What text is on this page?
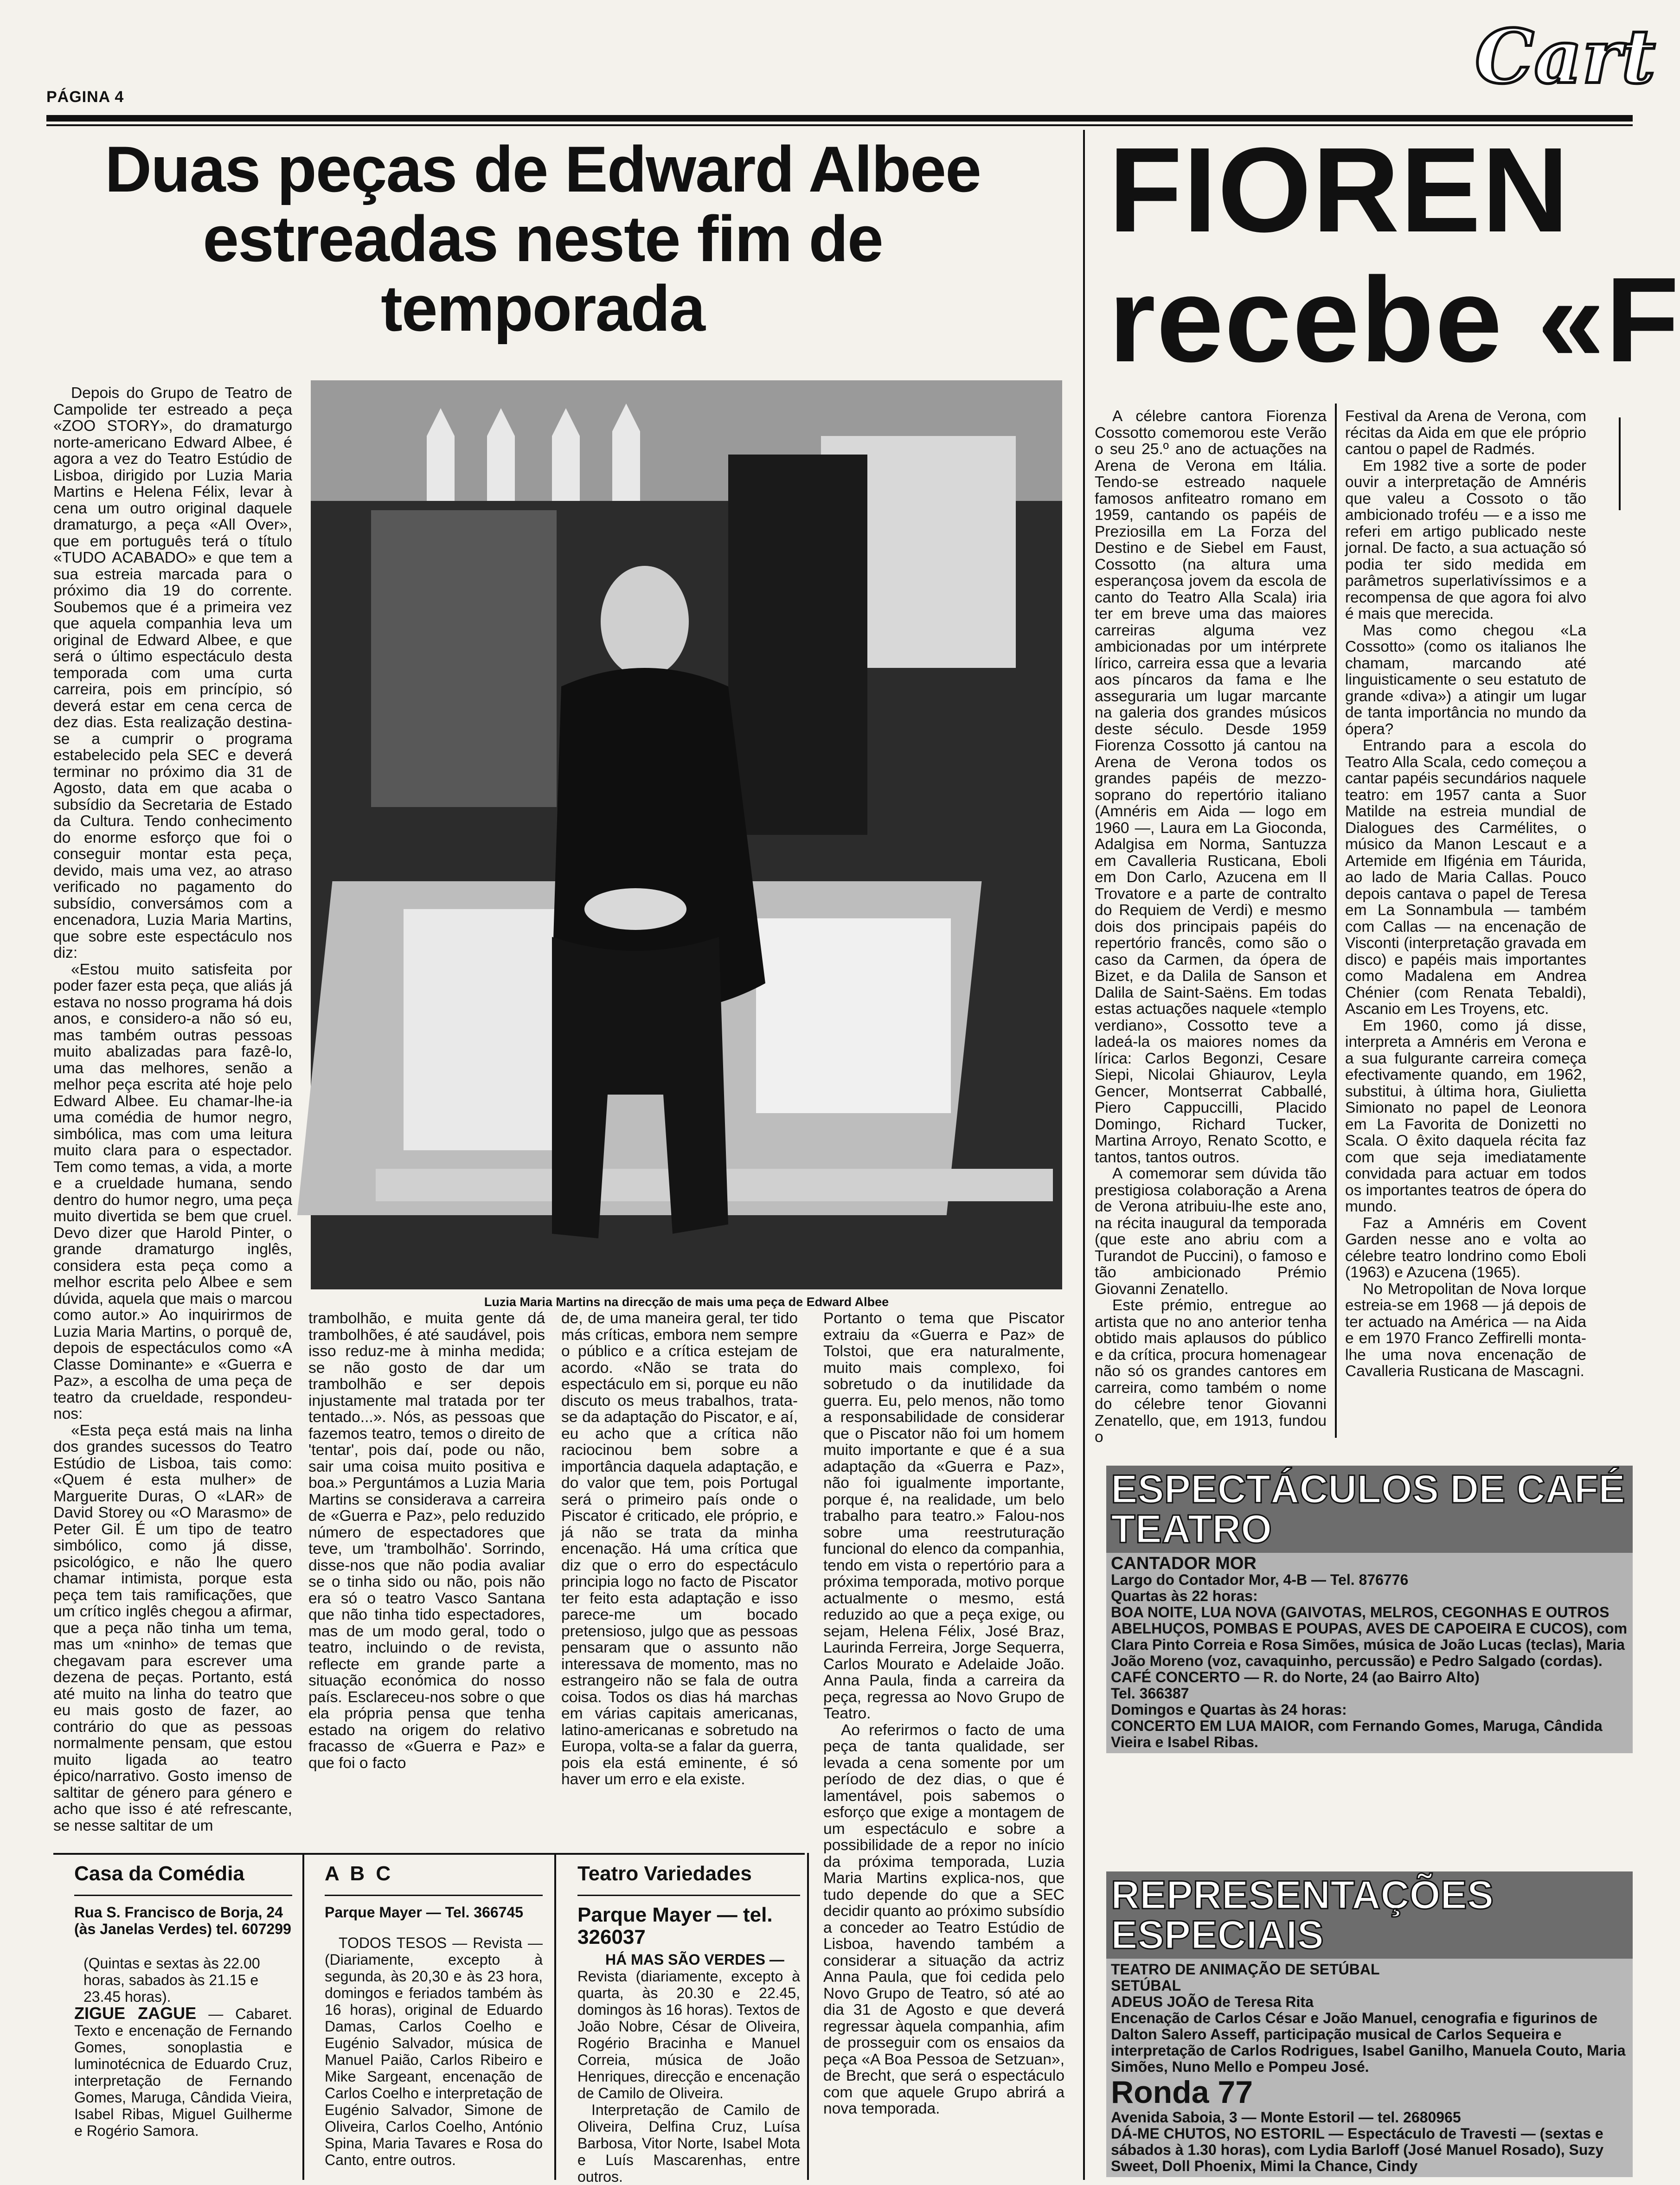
PÁGINA 4	Cart
Duas peças de Edward Albee estreadas neste fim de temporada

Depois do Grupo de Teatro de Campolide ter estreado a peça «ZOO STORY», do dramaturgo norte-americano Edward Albee, é agora a vez do Teatro Estúdio de Lisboa, dirigido por Luzia Maria Martins e Helena Félix, levar à cena um outro original daquele dramaturgo, a peça «All Over», que em português terá o título «TUDO ACABADO» e que tem a sua estreia marcada para o próximo dia 19 do corrente. Soubemos que é a primeira vez que aquela companhia leva um original de Edward Albee, e que será o último espectáculo desta temporada com uma curta carreira, pois em princípio, só deverá estar em cena cerca de dez dias. Esta realização destina-se a cumprir o programa estabelecido pela SEC e deverá terminar no próximo dia 31 de Agosto, data em que acaba o subsídio da Secretaria de Estado da Cultura. Tendo conhecimento do enorme esforço que foi o conseguir montar esta peça, devido, mais uma vez, ao atraso verificado no pagamento do subsídio, conversámos com a encenadora, Luzia Maria Martins, que sobre este espectáculo nos diz:

«Estou muito satisfeita por poder fazer esta peça, que aliás já estava no nosso programa há dois anos, e considero-a não só eu, mas também outras pessoas muito abalizadas para fazê-lo, uma das melhores, senão a melhor peça escrita até hoje pelo Edward Albee. Eu chamar-lhe-ia uma comédia de humor negro, simbólica, mas com uma leitura muito clara para o espectador. Tem como temas, a vida, a morte e a crueldade humana, sendo dentro do humor negro, uma peça muito divertida se bem que cruel. Devo dizer que Harold Pinter, o grande dramaturgo inglês, considera esta peça como a melhor escrita pelo Albee e sem dúvida, aquela que mais o marcou como autor.» Ao inquirirmos de Luzia Maria Martins, o porquê de, depois de espectáculos como «A Classe Dominante» e «Guerra e Paz», a escolha de uma peça de teatro da crueldade, respondeu-nos:

«Esta peça está mais na linha dos grandes sucessos do Teatro Estúdio de Lisboa, tais como: «Quem é esta mulher» de Marguerite Duras, O «LAR» de David Storey ou «O Marasmo» de Peter Gil. É um tipo de teatro simbólico, como já disse, psicológico, e não lhe quero chamar intimista, porque esta peça tem tais ramificações, que um crítico inglês chegou a afirmar, que a peça não tinha um tema, mas um «ninho» de temas que chegavam para escrever uma dezena de peças. Portanto, está até muito na linha do teatro que eu mais gosto de fazer, ao contrário do que as pessoas normalmente pensam, que estou muito ligada ao teatro épico/narrativo. Gosto imenso de saltitar de género para género e acho que isso é até refrescante, se nesse saltitar de um

Luzia Maria Martins na direcção de mais uma peça de Edward Albee

trambolhão, e muita gente dá trambolhões, é até saudável, pois isso reduz-me à minha medida; se não gosto de dar um trambolhão e ser depois injustamente mal tratada por ter tentado...». Nós, as pessoas que fazemos teatro, temos o direito de 'tentar', pois daí, pode ou não, sair uma coisa muito positiva e boa.» Perguntámos a Luzia Maria Martins se considerava a carreira de «Guerra e Paz», pelo reduzido número de espectadores que teve, um 'trambolhão'. Sorrindo, disse-nos que não podia avaliar se o tinha sido ou não, pois não era só o teatro Vasco Santana que não tinha tido espectadores, mas de um modo geral, todo o teatro, incluindo o de revista, reflecte em grande parte a situação económica do nosso país. Esclareceu-nos sobre o que ela própria pensa que tenha estado na origem do relativo fracasso de «Guerra e Paz» e que foi o facto

de, de uma maneira geral, ter tido más críticas, embora nem sempre o público e a crítica estejam de acordo. «Não se trata do espectáculo em si, porque eu não discuto os meus trabalhos, trata-se da adaptação do Piscator, e aí, eu acho que a crítica não raciocinou bem sobre a importância daquela adaptação, e do valor que tem, pois Portugal será o primeiro país onde o Piscator é criticado, ele próprio, e já não se trata da minha encenação. Há uma crítica que diz que o erro do espectáculo principia logo no facto de Piscator ter feito esta adaptação e isso parece-me um bocado pretensioso, julgo que as pessoas pensaram que o assunto não interessava de momento, mas no estrangeiro não se fala de outra coisa. Todos os dias há marchas em várias capitais americanas, latino-americanas e sobretudo na Europa, volta-se a falar da guerra, pois ela está eminente, é só haver um erro e ela existe.

Portanto o tema que Piscator extraiu da «Guerra e Paz» de Tolstoi, que era naturalmente, muito mais complexo, foi sobretudo o da inutilidade da guerra. Eu, pelo menos, não tomo a responsabilidade de considerar que o Piscator não foi um homem muito importante e que é a sua adaptação da «Guerra e Paz», não foi igualmente importante, porque é, na realidade, um belo trabalho para teatro.» Falou-nos sobre uma reestruturação funcional do elenco da companhia, tendo em vista o repertório para a próxima temporada, motivo porque actualmente o mesmo, está reduzido ao que a peça exige, ou sejam, Helena Félix, José Braz, Laurinda Ferreira, Jorge Sequerra, Carlos Mourato e Adelaide João. Anna Paula, finda a carreira da peça, regressa ao Novo Grupo de Teatro.

Ao referirmos o facto de uma peça de tanta qualidade, ser levada a cena somente por um período de dez dias, o que é lamentável, pois sabemos o esforço que exige a montagem de um espectáculo e sobre a possibilidade de a repor no início da próxima temporada, Luzia Maria Martins explica-nos, que tudo depende do que a SEC decidir quanto ao próximo subsídio a conceder ao Teatro Estúdio de Lisboa, havendo também a considerar a situação da actriz Anna Paula, que foi cedida pelo Novo Grupo de Teatro, só até ao dia 31 de Agosto e que deverá regressar àquela companhia, afim de prosseguir com os ensaios da peça «A Boa Pessoa de Setzuan», de Brecht, que será o espectáculo com que aquele Grupo abrirá a nova temporada.

Casa da Comédia
Rua S. Francisco de Borja, 24 (às Janelas Verdes) tel. 607299
(Quintas e sextas às 22.00 horas, sabados às 21.15 e 23.45 horas).
ZIGUE ZAGUE — Cabaret. Texto e encenação de Fernando Gomes, sonoplastia e luminotécnica de Eduardo Cruz, interpretação de Fernando Gomes, Maruga, Cândida Vieira, Isabel Ribas, Miguel Guilherme e Rogério Samora.
A B C
Parque Mayer — Tel. 366745
TODOS TESOS — Revista — (Diariamente, excepto à segunda, às 20,30 e às 23 hora, domingos e feriados também às 16 horas), original de Eduardo Damas, Carlos Coelho e Eugénio Salvador, música de Manuel Paião, Carlos Ribeiro e Mike Sargeant, encenação de Carlos Coelho e interpretação de Eugénio Salvador, Simone de Oliveira, Carlos Coelho, António Spina, Maria Tavares e Rosa do Canto, entre outros.
Teatro Variedades
Parque Mayer — tel. 326037
HÁ MAS SÃO VERDES —
Revista (diariamente, excepto à quarta, às 20.30 e 22.45, domingos às 16 horas). Textos de João Nobre, César de Oliveira, Rogério Bracinha e Manuel Correia, música de João Henriques, direcção e encenação de Camilo de Oliveira.
Interpretação de Camilo de Oliveira, Delfina Cruz, Luísa Barbosa, Vitor Norte, Isabel Mota e Luís Mascarenhas, entre outros.
FIOREN
recebe «F

A célebre cantora Fiorenza Cossotto comemorou este Verão o seu 25.º ano de actuações na Arena de Verona em Itália. Tendo-se estreado naquele famosos anfiteatro romano em 1959, cantando os papéis de Preziosilla em La Forza del Destino e de Siebel em Faust, Cossotto (na altura uma esperançosa jovem da escola de canto do Teatro Alla Scala) iria ter em breve uma das maiores carreiras alguma vez ambicionadas por um intérprete lírico, carreira essa que a levaria aos píncaros da fama e lhe asseguraria um lugar marcante na galeria dos grandes músicos deste século. Desde 1959 Fiorenza Cossotto já cantou na Arena de Verona todos os grandes papéis de mezzo-soprano do repertório italiano (Amnéris em Aida — logo em 1960 —, Laura em La Gioconda, Adalgisa em Norma, Santuzza em Cavalleria Rusticana, Eboli em Don Carlo, Azucena em Il Trovatore e a parte de contralto do Requiem de Verdi) e mesmo dois dos principais papéis do repertório francês, como são o caso da Carmen, da ópera de Bizet, e da Dalila de Sanson et Dalila de Saint-Saëns. Em todas estas actuações naquele «templo verdiano», Cossotto teve a ladeá-la os maiores nomes da lírica: Carlos Begonzi, Cesare Siepi, Nicolai Ghiaurov, Leyla Gencer, Montserrat Cabballé, Piero Cappuccilli, Placido Domingo, Richard Tucker, Martina Arroyo, Renato Scotto, e tantos, tantos outros.

A comemorar sem dúvida tão prestigiosa colaboração a Arena de Verona atribuiu-lhe este ano, na récita inaugural da temporada (que este ano abriu com a Turandot de Puccini), o famoso e tão ambicionado Prémio Giovanni Zenatello.

Este prémio, entregue ao artista que no ano anterior tenha obtido mais aplausos do público e da crítica, procura homenagear não só os grandes cantores em carreira, como também o nome do célebre tenor Giovanni Zenatello, que, em 1913, fundou o

Festival da Arena de Verona, com récitas da Aida em que ele próprio cantou o papel de Radmés.

Em 1982 tive a sorte de poder ouvir a interpretação de Amnéris que valeu a Cossoto o tão ambicionado troféu — e a isso me referi em artigo publicado neste jornal. De facto, a sua actuação só podia ter sido medida em parâmetros superlativíssimos e a recompensa de que agora foi alvo é mais que merecida.

Mas como chegou «La Cossotto» (como os italianos lhe chamam, marcando até linguisticamente o seu estatuto de grande «diva») a atingir um lugar de tanta importância no mundo da ópera?

Entrando para a escola do Teatro Alla Scala, cedo começou a cantar papéis secundários naquele teatro: em 1957 canta a Suor Matilde na estreia mundial de Dialogues des Carmélites, o músico da Manon Lescaut e a Artemide em Ifigénia em Táurida, ao lado de Maria Callas. Pouco depois cantava o papel de Teresa em La Sonnambula — também com Callas — na encenação de Visconti (interpretação gravada em disco) e papéis mais importantes como Madalena em Andrea Chénier (com Renata Tebaldi), Ascanio em Les Troyens, etc.

Em 1960, como já disse, interpreta a Amnéris em Verona e a sua fulgurante carreira começa efectivamente quando, em 1962, substitui, à última hora, Giulietta Simionato no papel de Leonora em La Favorita de Donizetti no Scala. O êxito daquela récita faz com que seja imediatamente convidada para actuar em todos os importantes teatros de ópera do mundo.

Faz a Amnéris em Covent Garden nesse ano e volta ao célebre teatro londrino como Eboli (1963) e Azucena (1965).

No Metropolitan de Nova Iorque estreia-se em 1968 — já depois de ter actuado na América — na Aida e em 1970 Franco Zeffirelli monta-lhe uma nova encenação de Cavalleria Rusticana de Mascagni.

ESPECTÁCULOS DE CAFÉ TEATRO
CANTADOR MOR
Largo do Contador Mor, 4-B — Tel. 876776
Quartas às 22 horas:
BOA NOITE, LUA NOVA (GAIVOTAS, MELROS, CEGONHAS E OUTROS ABELHUÇOS, POMBAS E POUPAS, AVES DE CAPOEIRA E CUCOS), com Clara Pinto Correia e Rosa Simões, música de João Lucas (teclas), Maria João Moreno (voz, cavaquinho, percussão) e Pedro Salgado (cordas).
CAFÉ CONCERTO — R. do Norte, 24 (ao Bairro Alto)
Tel. 366387
Domingos e Quartas às 24 horas:
CONCERTO EM LUA MAIOR, com Fernando Gomes, Maruga, Cândida Vieira e Isabel Ribas.
REPRESENTAÇÕES ESPECIAIS
TEATRO DE ANIMAÇÃO DE SETÚBAL
SETÚBAL
ADEUS JOÃO de Teresa Rita
Encenação de Carlos César e João Manuel, cenografia e figurinos de Dalton Salero Asseff, participação musical de Carlos Sequeira e interpretação de Carlos Rodrigues, Isabel Ganilho, Manuela Couto, Maria Simões, Nuno Mello e Pompeu José.
Ronda 77
Avenida Saboia, 3 — Monte Estoril — tel. 2680965
DÁ-ME CHUTOS, NO ESTORIL — Espectáculo de Travesti — (sextas e sábados à 1.30 horas), com Lydia Barloff (José Manuel Rosado), Suzy Sweet, Doll Phoenix, Mimi la Chance, Cindy
